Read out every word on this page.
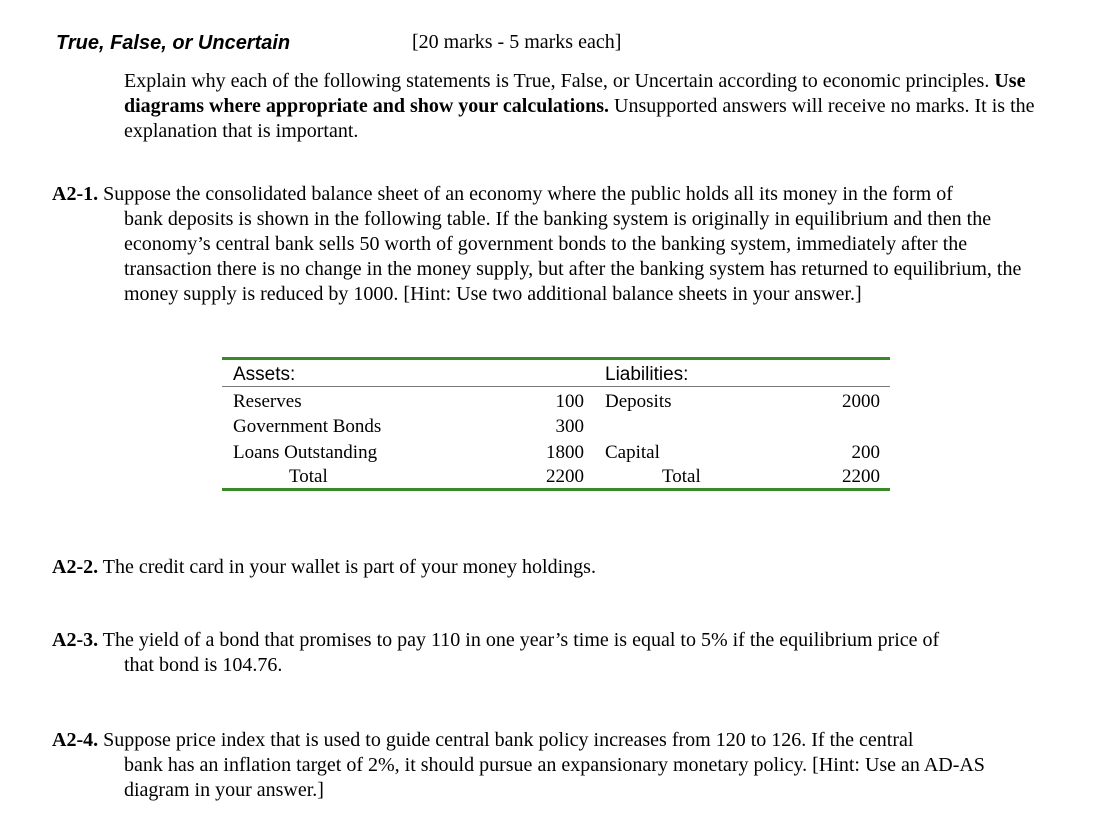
True, False, or Uncertain	[20 marks - 5 marks each]
Explain why each of the following statements is True, False, or Uncertain according to economic principles. Use diagrams where appropriate and show your calculations. Unsupported answers will receive no marks. It is the explanation that is important.
A2-1. Suppose the consolidated balance sheet of an economy where the public holds all its money in the form of
bank deposits is shown in the following table. If the banking system is originally in equilibrium and then the economy’s central bank sells 50 worth of government bonds to the banking system, immediately after the transaction there is no change in the money supply, but after the banking system has returned to equilibrium, the money supply is reduced by 1000. [Hint: Use two additional balance sheets in your answer.]
Assets:	Liabilities:
Reserves	100 Deposits	2000
Government Bonds	300
Loans Outstanding	1800 Capital	200
Total	2200	Total	2200
A2-2. The credit card in your wallet is part of your money holdings.
A2-3. The yield of a bond that promises to pay 110 in one year’s time is equal to 5% if the equilibrium price of
that bond is 104.76.
A2-4. Suppose price index that is used to guide central bank policy increases from 120 to 126. If the central
bank has an inflation target of 2%, it should pursue an expansionary monetary policy. [Hint: Use an AD-AS diagram in your answer.]
